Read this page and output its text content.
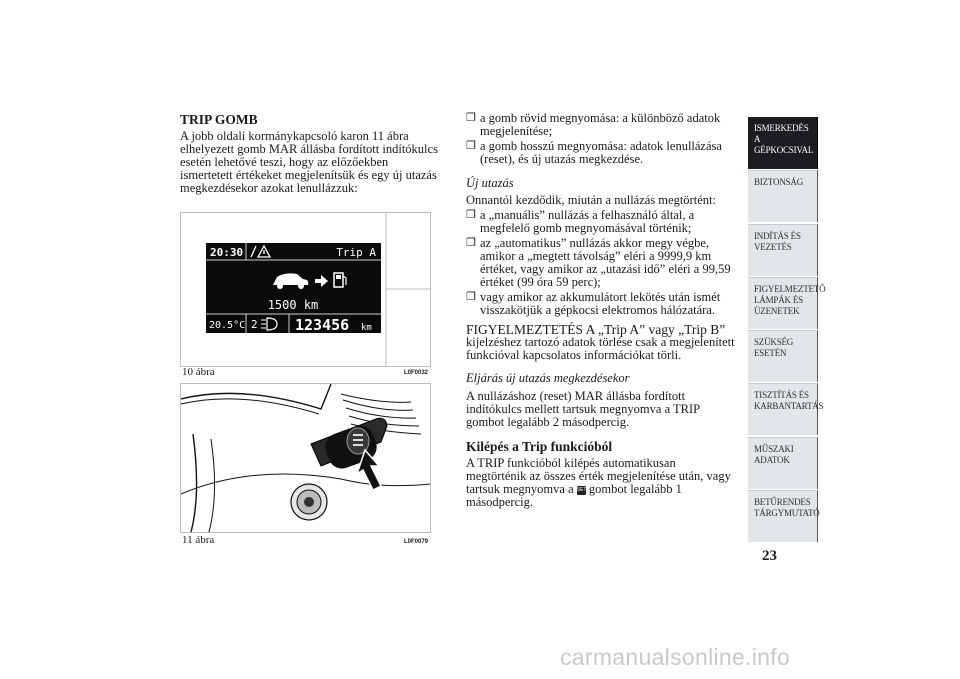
TRIP GOMB

A jobb oldali kormánykapcsoló karon 11 ábra elhelyezett gomb MAR állásba fordított indítókulcs esetén lehetővé teszi, hogy az előzőekben ismertetett értékeket megjelenítsük és egy új utazás megkezdésekor azokat lenullázzuk:

20:30	Trip A
1500 km
20.5°C 2 123456 km
10 ábra	L0F0032
11 ábra	L0F0079
❐ a gomb rövid megnyomása: a különböző adatok megjelenítése;
❐ a gomb hosszú megnyomása: adatok lenullázása (reset), és új utazás megkezdése.

Új utazás

Onnantól kezdődik, miután a nullázás megtörtént:

❐ a „manuális” nullázás a felhasználó által, a megfelelő gomb megnyomásával történik;
❐ az „automatikus” nullázás akkor megy végbe, amikor a „megtett távolság” eléri a 9999,9 km értéket, vagy amikor az „utazási idő” eléri a 99,59 értéket (99 óra 59 perc);
❐ vagy amikor az akkumulátort lekötés után ismét visszakötjük a gépkocsi elektromos hálózatára.

FIGYELMEZTETÉS A „Trip A” vagy „Trip B”

kijelzéshez tartozó adatok törlése csak a megjelenített funkcióval kapcsolatos információkat törli.

Eljárás új utazás megkezdésekor

A nullázáshoz (reset) MAR állásba fordított indítókulcs mellett tartsuk megnyomva a TRIP gombot legalább 2 másodpercig.

Kilépés a Trip funkcióból

A TRIP funkcióból kilépés automatikusan megtörténik az összes érték megjelenítése után, vagy tartsuk megnyomva a SET gombot legalább 1 másodpercig.

ISMERKEDÉS A GÉPKOCSIVAL
BIZTONSÁG
INDÍTÁS ÉS VEZETÉS
FIGYELMEZTETŐ LÁMPÁK ÉS ÜZENETEK
SZÜKSÉG ESETÉN
TISZTÍTÁS ÉS KARBANTARTÁS
MŰSZAKI ADATOK
BETŰRENDES TÁRGYMUTATÓ
23
carmanualsonline.info
